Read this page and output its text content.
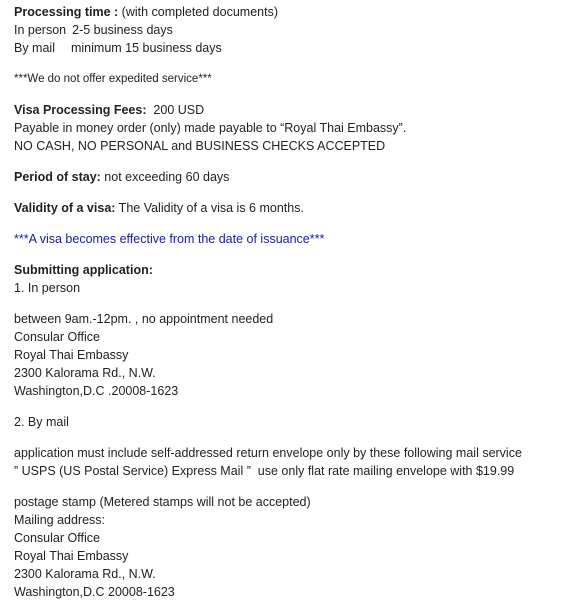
Processing time : (with completed documents)
In person 2-5 business days
By mail minimum 15 business days
***We do not offer expedited service***
Visa Processing Fees:  200 USD
Payable in money order (only) made payable to “Royal Thai Embassy”.
NO CASH, NO PERSONAL and BUSINESS CHECKS ACCEPTED
Period of stay: not exceeding 60 days
Validity of a visa: The Validity of a visa is 6 months.
***A visa becomes effective from the date of issuance***
Submitting application:
1. In person
between 9am.-12pm. , no appointment needed
Consular Office
Royal Thai Embassy
2300 Kalorama Rd., N.W.
Washington,D.C .20008-1623
2. By mail
application must include self-addressed return envelope only by these following mail service
” USPS (US Postal Service) Express Mail ”  use only flat rate mailing envelope with $19.99
postage stamp (Metered stamps will not be accepted)
Mailing address:
Consular Office
Royal Thai Embassy
2300 Kalorama Rd., N.W.
Washington,D.C 20008-1623
